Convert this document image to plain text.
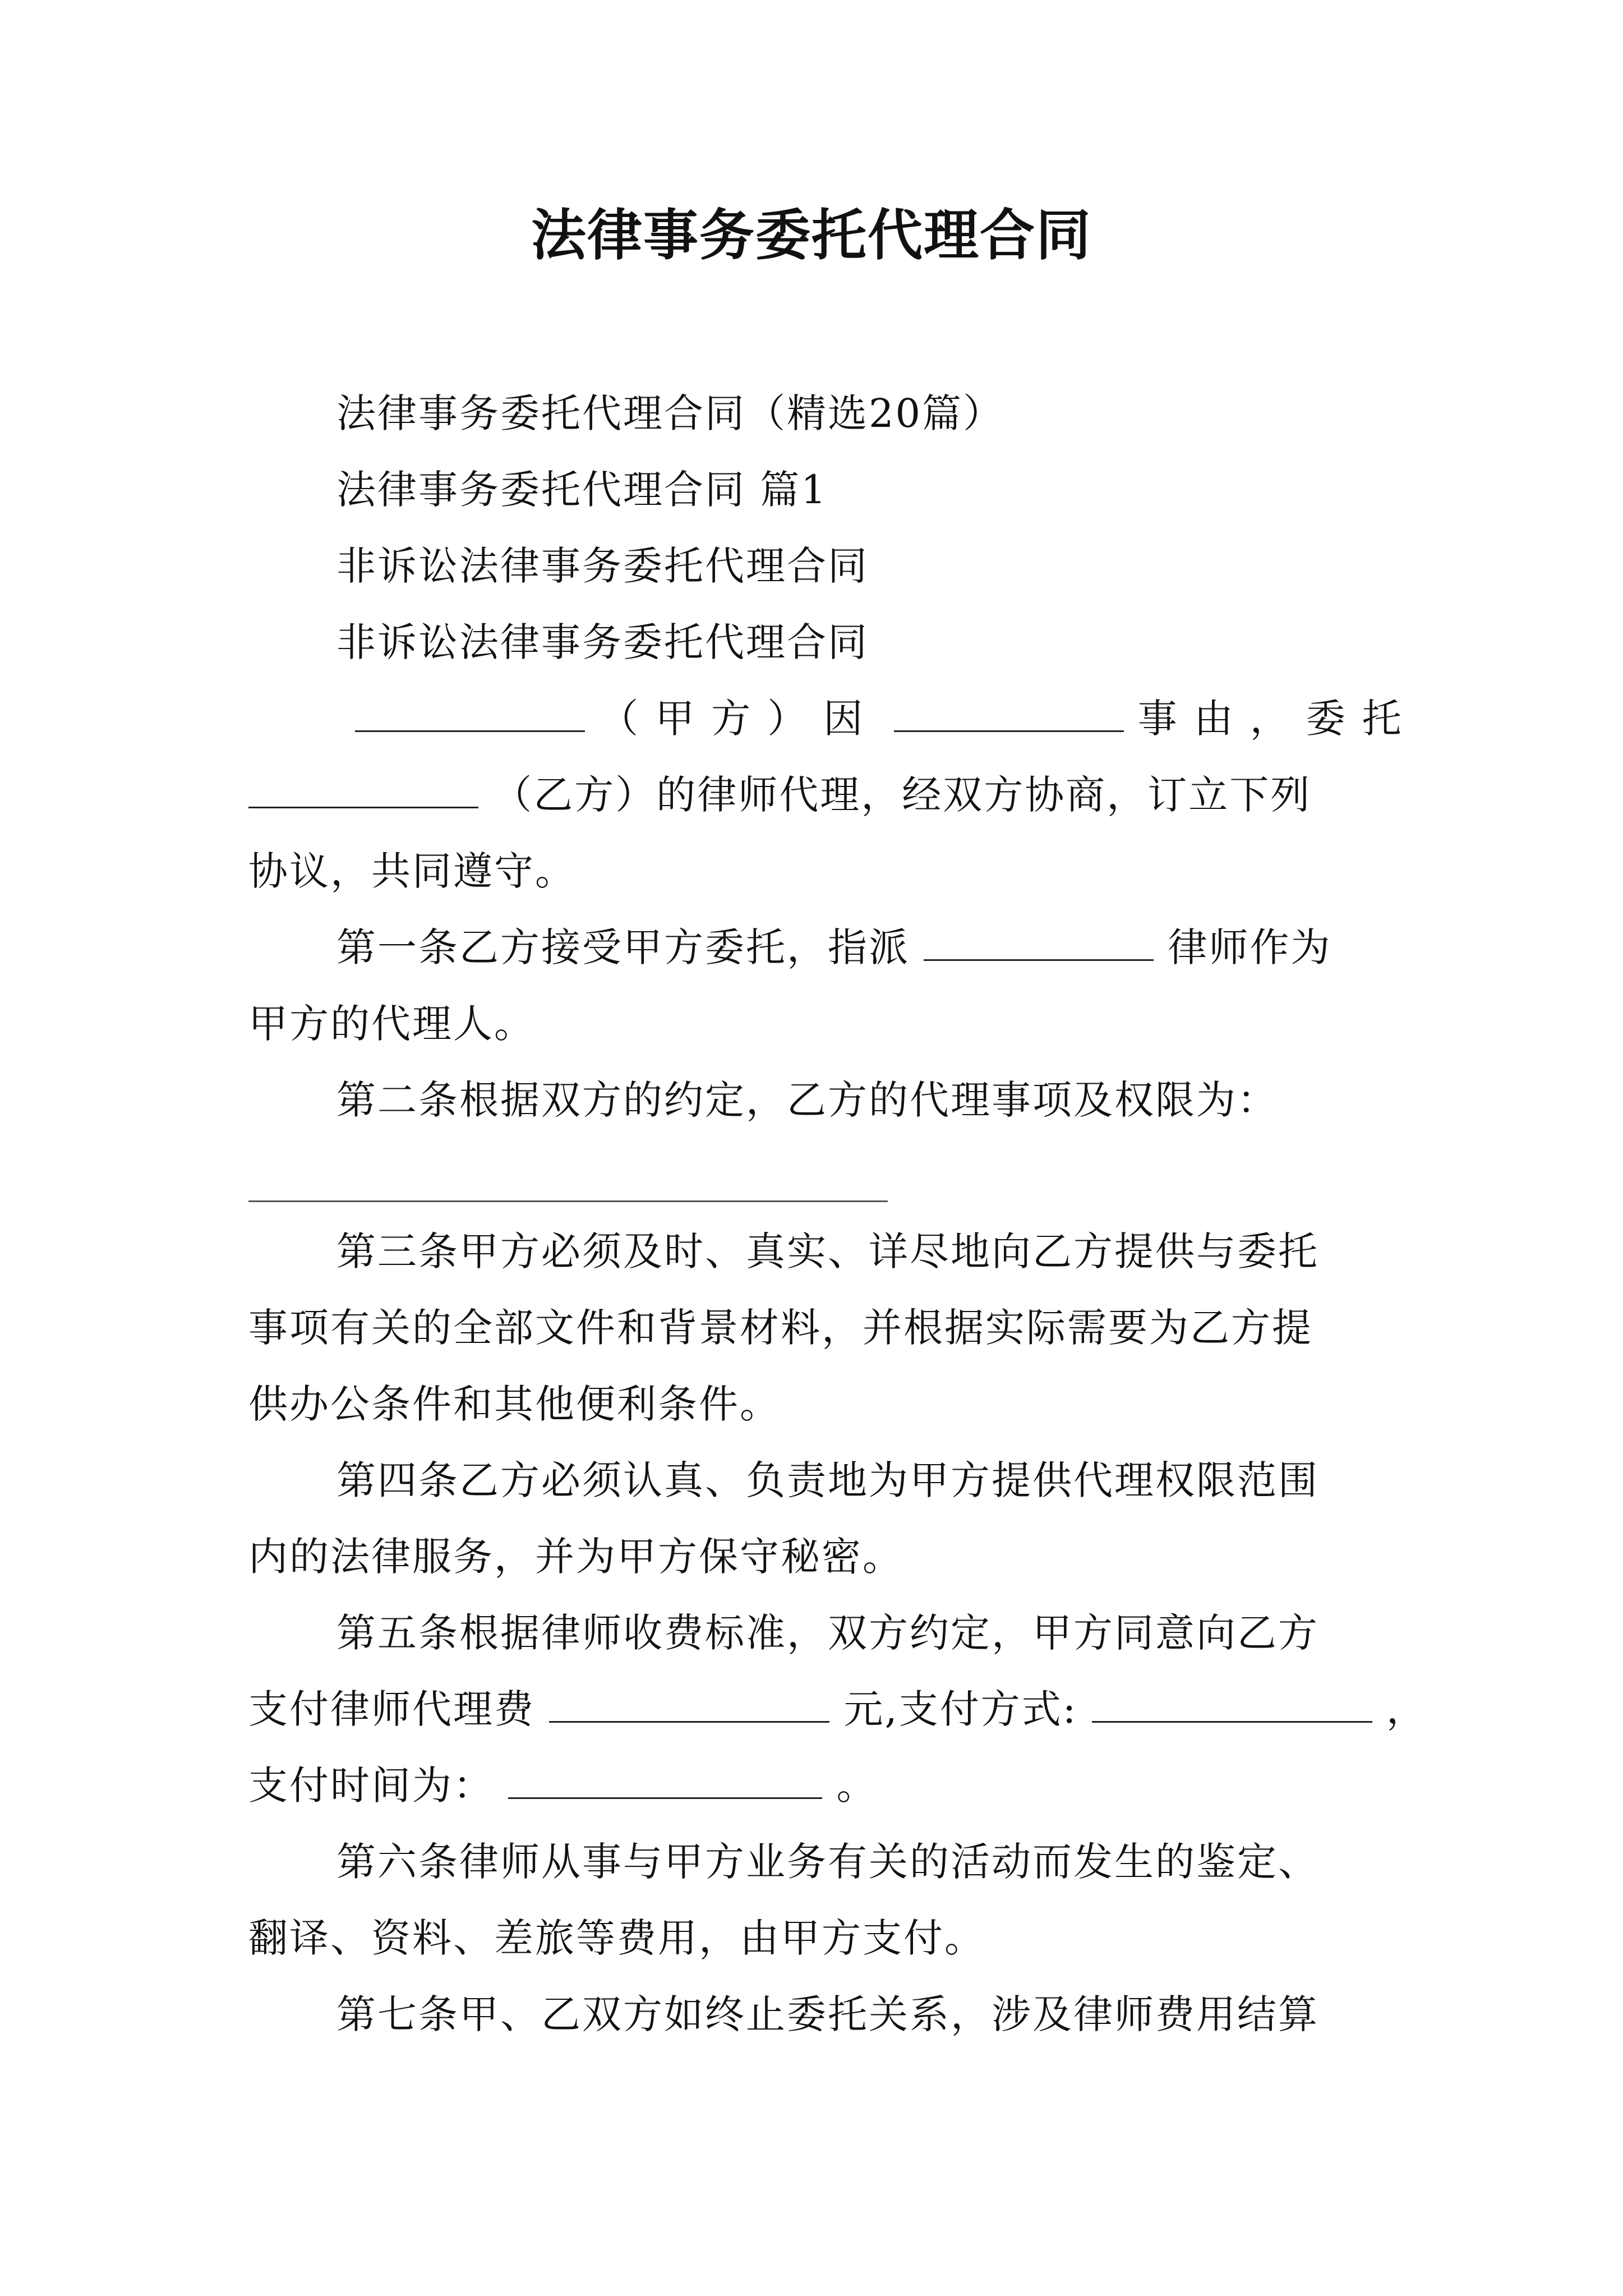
法律事务委托代理合同
法律事务委托代理合同（精选20篇）
法律事务委托代理合同 篇1
非诉讼法律事务委托代理合同
非诉讼法律事务委托代理合同
（甲方）因	事由，委托
（乙方）的律师代理，经双方协商，订立下列
协议，共同遵守。
第一条乙方接受甲方委托，指派	律师作为
甲方的代理人。
第二条根据双方的约定，乙方的代理事项及权限为：
第三条甲方必须及时、真实、详尽地向乙方提供与委托
事项有关的全部文件和背景材料，并根据实际需要为乙方提
供办公条件和其他便利条件。
第四条乙方必须认真、负责地为甲方提供代理权限范围
内的法律服务，并为甲方保守秘密。
第五条根据律师收费标准，双方约定，甲方同意向乙方
支付律师代理费	元,支付方式:	，
支付时间为：	。
第六条律师从事与甲方业务有关的活动而发生的鉴定、
翻译、资料、差旅等费用，由甲方支付。
第七条甲、乙双方如终止委托关系，涉及律师费用结算
